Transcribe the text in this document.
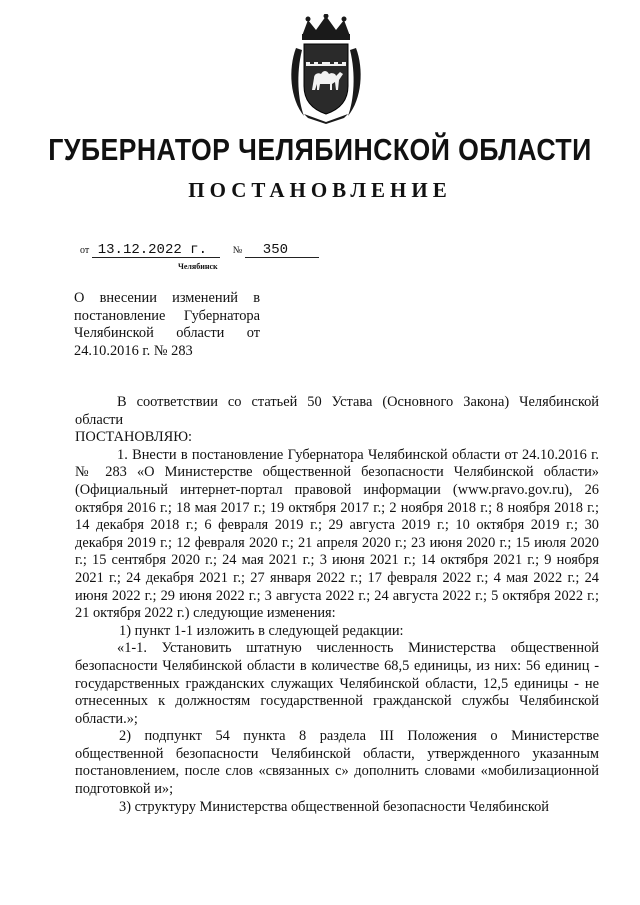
ГУБЕРНАТОР ЧЕЛЯБИНСКОЙ ОБЛАСТИ
ПОСТАНОВЛЕНИЕ
от 13.12.2022 г.	№ 350
Челябинск
О внесении изменений в постановление Губернатора Челябинской области от 24.10.2016 г. № 283

В соответствии со статьей 50 Устава (Основного Закона) Челябинской области

ПОСТАНОВЛЯЮ:

1. Внести в постановление Губернатора Челябинской области от 24.10.2016 г. № 283 «О Министерстве общественной безопасности Челябинской области» (Официальный интернет-портал правовой информации (www.pravo.gov.ru), 26 октября 2016 г.; 18 мая 2017 г.; 19 октября 2017 г.; 2 ноября 2018 г.; 8 ноября 2018 г.; 14 декабря 2018 г.; 6 февраля 2019 г.; 29 августа 2019 г.; 10 октября 2019 г.; 30 декабря 2019 г.; 12 февраля 2020 г.; 21 апреля 2020 г.; 23 июня 2020 г.; 15 июля 2020 г.; 15 сентября 2020 г.; 24 мая 2021 г.; 3 июня 2021 г.; 14 октября 2021 г.; 9 ноября 2021 г.; 24 декабря 2021 г.; 27 января 2022 г.; 17 февраля 2022 г.; 4 мая 2022 г.; 24 июня 2022 г.; 29 июня 2022 г.; 3 августа 2022 г.; 24 августа 2022 г.; 5 октября 2022 г.; 21 октября 2022 г.) следующие изменения:

1) пункт 1-1 изложить в следующей редакции:

«1-1. Установить штатную численность Министерства общественной безопасности Челябинской области в количестве 68,5 единицы, из них: 56 единиц - государственных гражданских служащих Челябинской области, 12,5 единицы - не отнесенных к должностям государственной гражданской службы Челябинской области.»;

2) подпункт 54 пункта 8 раздела III Положения о Министерстве общественной безопасности Челябинской области, утвержденного указанным постановлением, после слов «связанных с» дополнить словами «мобилизационной подготовкой и»;

3) структуру Министерства общественной безопасности Челябинской
